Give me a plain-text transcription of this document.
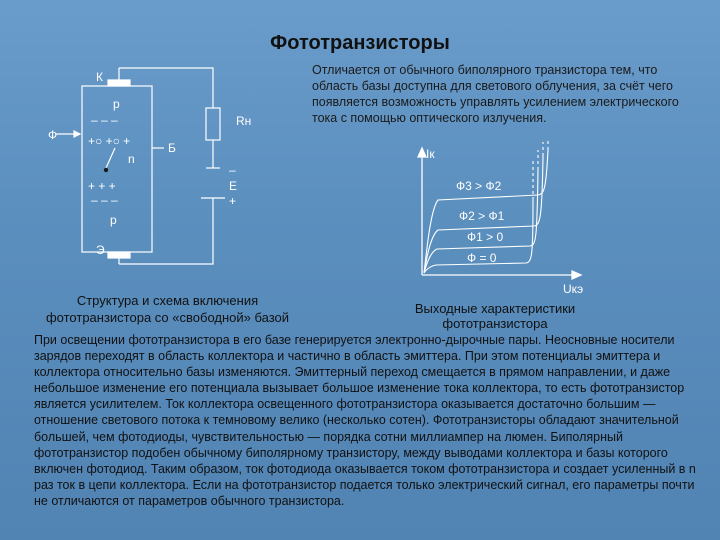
Фототранзисторы
Отличается от обычного биполярного транзистора тем, что область базы доступна для светового облучения, за счёт чего появляется возможность управлять усилением электрического тока с помощью оптического излучения.
К
p
– – –
+○ +○ +
Ф
n
Б
+ + +
– – –
p
Э
Rн
–
E
+
Iк
Uкэ
Ф3 > Ф2
Ф2 > Ф1
Ф1 > 0
Ф = 0
Структура и схема включения фототранзистора со «свободной» базой
Выходные характеристики фототранзистора
При освещении фототранзистора в его базе генерируется электронно-дырочные пары. Неосновные носители зарядов переходят в область коллектора и частично в область эмиттера. При этом потенциалы эмиттера и коллектора относительно базы изменяются. Эмиттерный переход смещается в прямом направлении, и даже небольшое изменение его потенциала вызывает большое изменение тока коллектора, то есть фототранзистор является усилителем. Ток коллектора освещенного фототранзистора оказывается достаточно большим — отношение светового потока к темновому велико (несколько сотен). Фототранзисторы обладают значительной большей, чем фотодиоды, чувствительностью — порядка сотни миллиампер на люмен. Биполярный фототранзистор подобен обычному биполярному транзистору, между выводами коллектора и базы которого включен фотодиод. Таким образом, ток фотодиода оказывается током фототранзистора и создает усиленный в n раз ток в цепи коллектора. Если на фототранзистор подается только электрический сигнал, его параметры почти не отличаются от параметров обычного транзистора.
